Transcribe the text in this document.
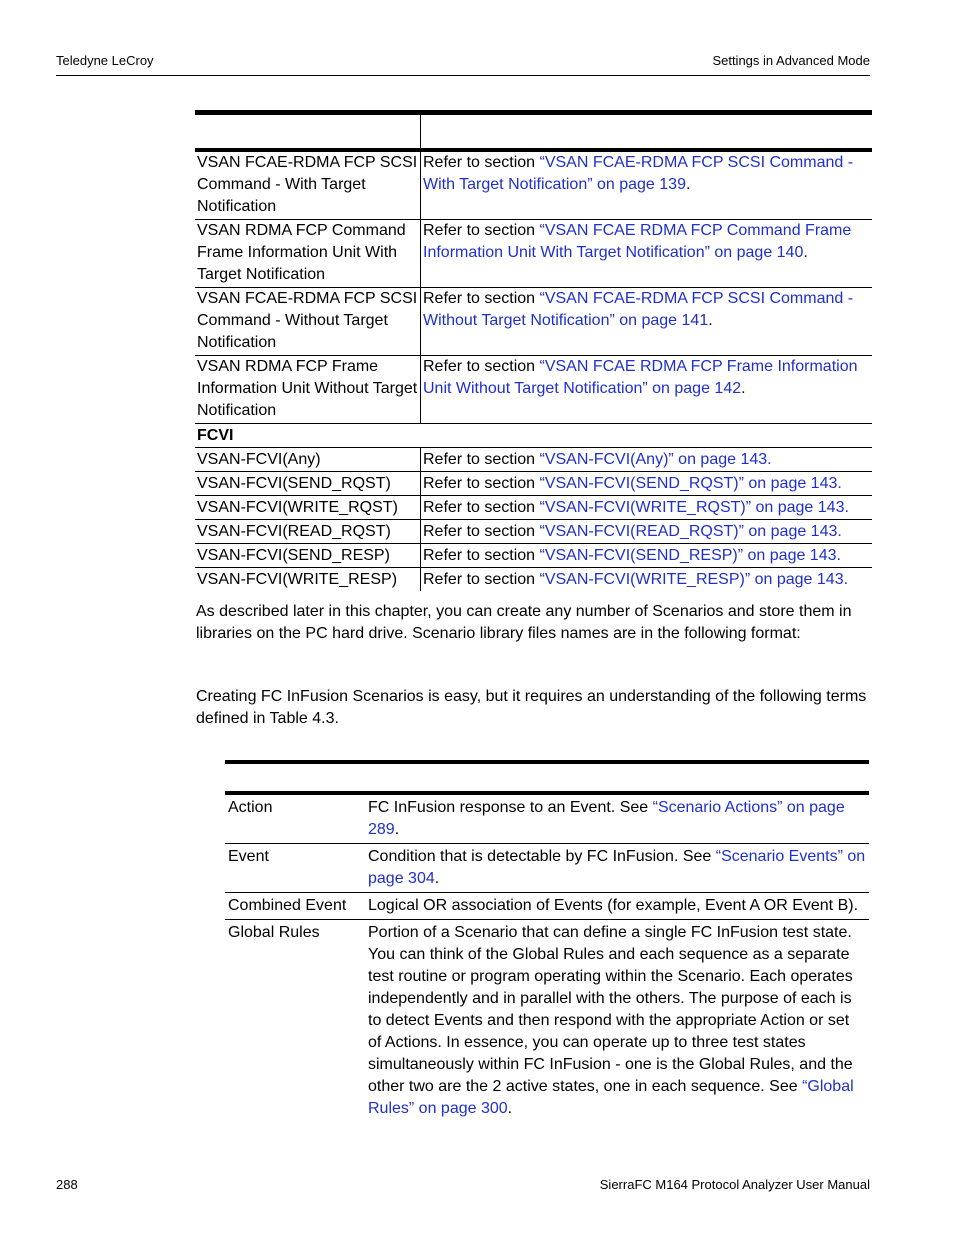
Teledyne LeCroy	Settings in Advanced Mode

VSAN FCAE-RDMA FCP SCSI Command - With Target Notification	Refer to section “VSAN FCAE-RDMA FCP SCSI Command - With Target Notification” on page 139.
VSAN RDMA FCP Command Frame Information Unit With Target Notification	Refer to section “VSAN FCAE RDMA FCP Command Frame Information Unit With Target Notification” on page 140.
VSAN FCAE-RDMA FCP SCSI Command - Without Target Notification	Refer to section “VSAN FCAE-RDMA FCP SCSI Command - Without Target Notification” on page 141.
VSAN RDMA FCP Frame Information Unit Without Target Notification	Refer to section “VSAN FCAE RDMA FCP Frame Information Unit Without Target Notification” on page 142.
FCVI	
VSAN-FCVI(Any)	Refer to section “VSAN-FCVI(Any)” on page 143.
VSAN-FCVI(SEND_RQST)	Refer to section “VSAN-FCVI(SEND_RQST)” on page 143.
VSAN-FCVI(WRITE_RQST)	Refer to section “VSAN-FCVI(WRITE_RQST)” on page 143.
VSAN-FCVI(READ_RQST)	Refer to section “VSAN-FCVI(READ_RQST)” on page 143.
VSAN-FCVI(SEND_RESP)	Refer to section “VSAN-FCVI(SEND_RESP)” on page 143.
VSAN-FCVI(WRITE_RESP)	Refer to section “VSAN-FCVI(WRITE_RESP)” on page 143.
As described later in this chapter, you can create any number of Scenarios and store them in libraries on the PC hard drive. Scenario library files names are in the following format:
Creating FC InFusion Scenarios is easy, but it requires an understanding of the following terms defined in Table 4.3.

Action	FC InFusion response to an Event. See “Scenario Actions” on page 289.
Event	Condition that is detectable by FC InFusion. See “Scenario Events” on page 304.
Combined Event	Logical OR association of Events (for example, Event A OR Event B).
Global Rules	Portion of a Scenario that can define a single FC InFusion test state. You can think of the Global Rules and each sequence as a separate test routine or program operating within the Scenario. Each operates independently and in parallel with the others. The purpose of each is to detect Events and then respond with the appropriate Action or set of Actions. In essence, you can operate up to three test states simultaneously within FC InFusion - one is the Global Rules, and the other two are the 2 active states, one in each sequence. See “Global Rules” on page 300.
288	SierraFC M164 Protocol Analyzer User Manual
